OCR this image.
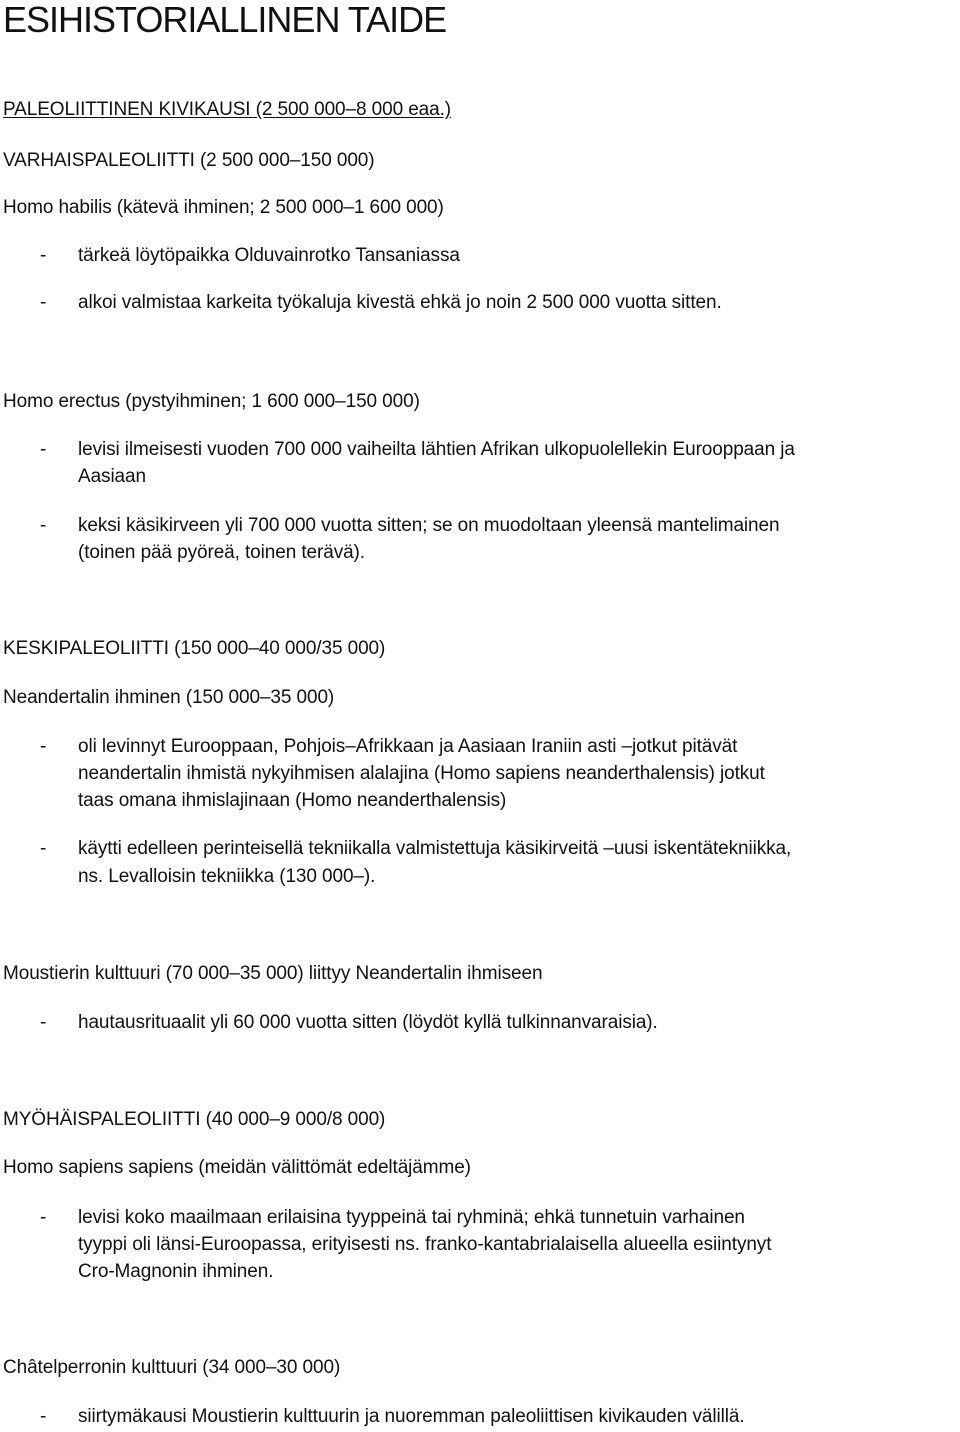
ESIHISTORIALLINEN TAIDE
PALEOLIITTINEN KIVIKAUSI (2 500 000–8 000 eaa.)
VARHAISPALEOLIITTI (2 500 000–150 000)
Homo habilis (kätevä ihminen; 2 500 000–1 600 000)
- tärkeä löytöpaikka Olduvainrotko Tansaniassa
- alkoi valmistaa karkeita työkaluja kivestä ehkä jo noin 2 500 000 vuotta sitten.
Homo erectus (pystyihminen; 1 600 000–150 000)
- levisi ilmeisesti vuoden 700 000 vaiheilta lähtien Afrikan ulkopuolellekin Eurooppaan ja
Aasiaan
- keksi käsikirveen yli 700 000 vuotta sitten; se on muodoltaan yleensä mantelimainen
(toinen pää pyöreä, toinen terävä).
KESKIPALEOLIITTI (150 000–40 000/35 000)
Neandertalin ihminen (150 000–35 000)
- oli levinnyt Eurooppaan, Pohjois–Afrikkaan ja Aasiaan Iraniin asti –jotkut pitävät
neandertalin ihmistä nykyihmisen alalajina (Homo sapiens neanderthalensis) jotkut
taas omana ihmislajinaan (Homo neanderthalensis)
- käytti edelleen perinteisellä tekniikalla valmistettuja käsikirveitä –uusi iskentätekniikka,
ns. Levalloisin tekniikka (130 000–).
Moustierin kulttuuri (70 000–35 000) liittyy Neandertalin ihmiseen
- hautausrituaalit yli 60 000 vuotta sitten (löydöt kyllä tulkinnanvaraisia).
MYÖHÄISPALEOLIITTI (40 000–9 000/8 000)
Homo sapiens sapiens (meidän välittömät edeltäjämme)
- levisi koko maailmaan erilaisina tyyppeinä tai ryhminä; ehkä tunnetuin varhainen
tyyppi oli länsi-Euroopassa, erityisesti ns. franko-kantabrialaisella alueella esiintynyt
Cro-Magnonin ihminen.
Châtelperronin kulttuuri (34 000–30 000)
- siirtymäkausi Moustierin kulttuurin ja nuoremman paleoliittisen kivikauden välillä.
